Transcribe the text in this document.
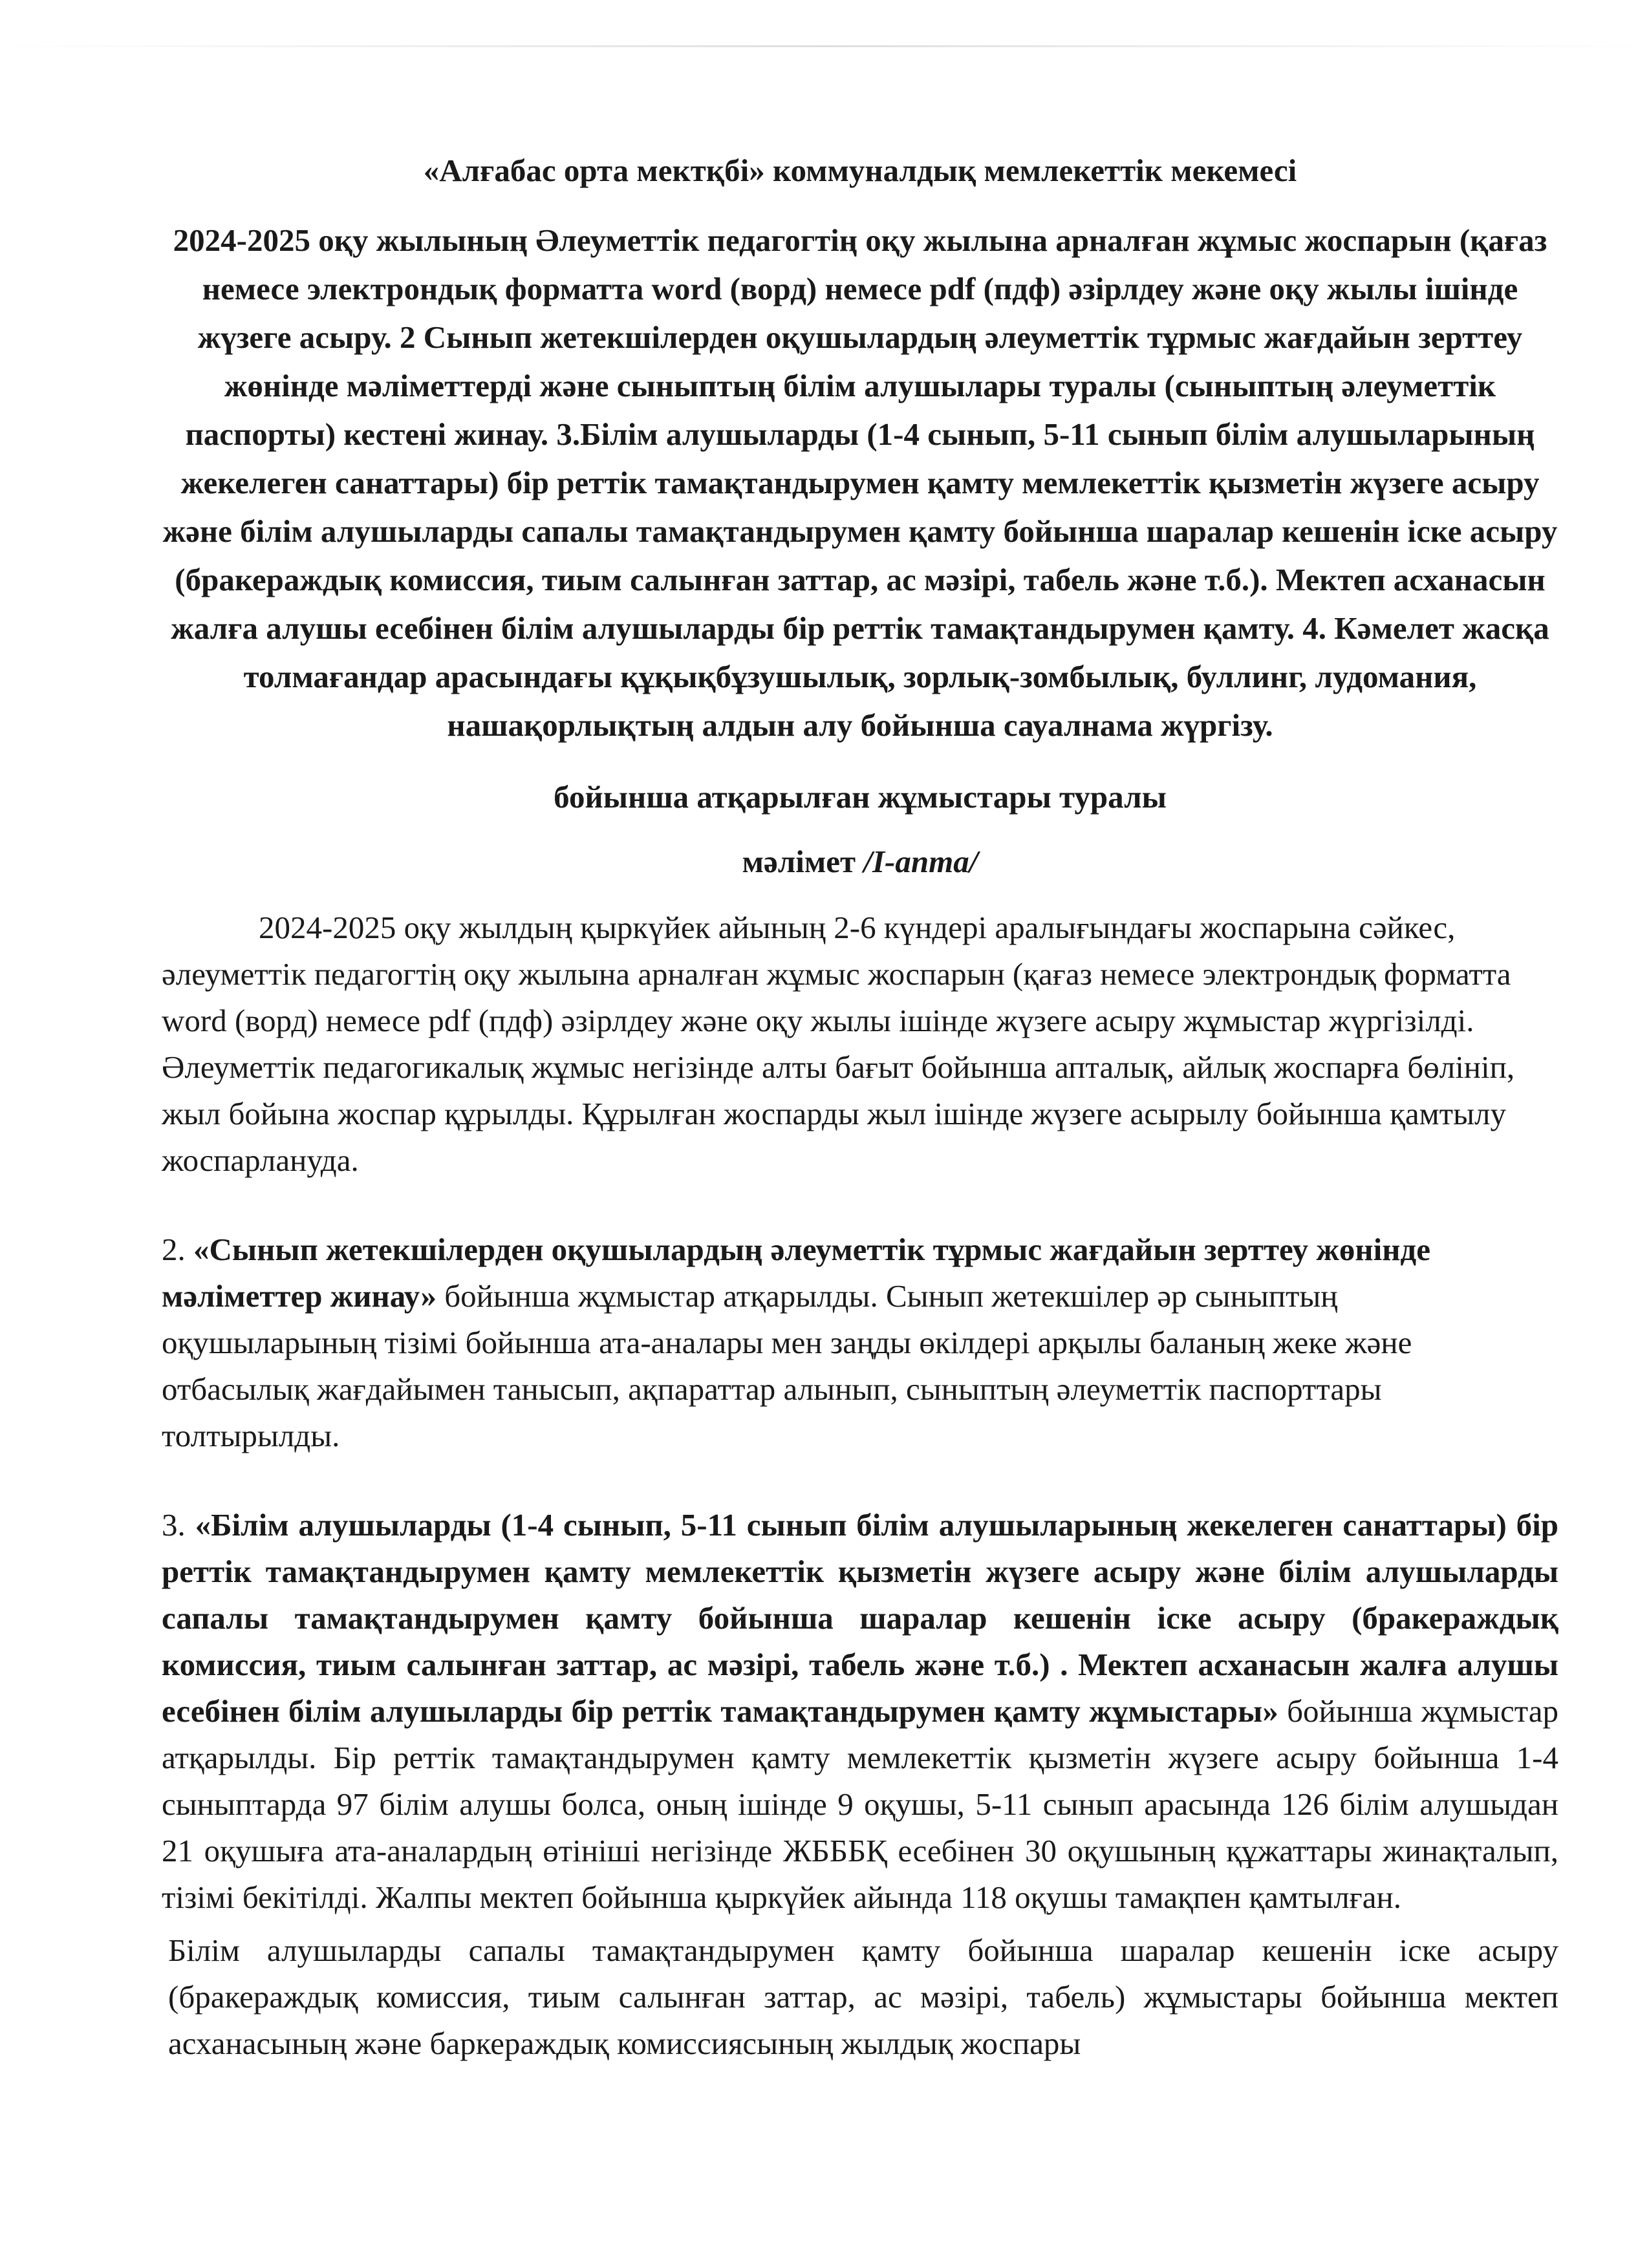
«Алғабас орта мектқбі» коммуналдық мемлекеттік мекемесі

2024-2025 оқу жылының Әлеуметтік педагогтің оқу жылына арналған жұмыс жоспарын (қағаз немесе электрондық форматта word (ворд) немесе pdf (пдф) әзірлдеу және оқу жылы ішінде жүзеге асыру. 2 Сынып жетекшілерден оқушылардың әлеуметтік тұрмыс жағдайын зерттеу жөнінде мәліметтерді және сыныптың білім алушылары туралы (сыныптың әлеуметтік паспорты) кестені жинау. 3.Білім алушыларды (1-4 сынып, 5-11 сынып білім алушыларының жекелеген санаттары) бір реттік тамақтандырумен қамту мемлекеттік қызметін жүзеге асыру және білім алушыларды сапалы тамақтандырумен қамту бойынша шаралар кешенін іске асыру (бракераждық комиссия, тиым салынған заттар, ас мәзірі, табель және т.б.). Мектеп асханасын жалға алушы есебінен білім алушыларды бір реттік тамақтандырумен қамту. 4. Кәмелет жасқа толмағандар арасындағы құқықбұзушылық, зорлық-зомбылық, буллинг, лудомания, нашақорлықтың алдын алу бойынша сауалнама жүргізу.

бойынша атқарылған жұмыстары туралы

мәлімет /I-апта/

2024-2025 оқу жылдың қыркүйек айының 2-6 күндері аралығындағы жоспарына сәйкес, әлеуметтік педагогтің оқу жылына арналған жұмыс жоспарын (қағаз немесе электрондық форматта word (ворд) немесе pdf (пдф) әзірлдеу және оқу жылы ішінде жүзеге асыру жұмыстар жүргізілді. Әлеуметтік педагогикалық жұмыс негізінде алты бағыт бойынша апталық, айлық жоспарға бөлініп, жыл бойына жоспар құрылды. Құрылған жоспарды жыл ішінде жүзеге асырылу бойынша қамтылу жоспарлануда.

2. «Сынып жетекшілерден оқушылардың әлеуметтік тұрмыс жағдайын зерттеу жөнінде мәліметтер жинау» бойынша жұмыстар атқарылды. Сынып жетекшілер әр сыныптың оқушыларының тізімі бойынша ата-аналары мен заңды өкілдері арқылы баланың жеке және отбасылық жағдайымен танысып, ақпараттар алынып, сыныптың әлеуметтік паспорттары толтырылды.

3. «Білім алушыларды (1-4 сынып, 5-11 сынып білім алушыларының жекелеген санаттары) бір реттік тамақтандырумен қамту мемлекеттік қызметін жүзеге асыру және білім алушыларды сапалы тамақтандырумен қамту бойынша шаралар кешенін іске асыру (бракераждық комиссия, тиым салынған заттар, ас мәзірі, табель және т.б.) . Мектеп асханасын жалға алушы есебінен білім алушыларды бір реттік тамақтандырумен қамту жұмыстары» бойынша жұмыстар атқарылды. Бір реттік тамақтандырумен қамту мемлекеттік қызметін жүзеге асыру бойынша 1-4 сыныптарда 97 білім алушы болса, оның ішінде 9 оқушы, 5-11 сынып арасында 126 білім алушыдан 21 оқушыға ата-аналардың өтініші негізінде ЖБББҚ есебінен 30 оқушының құжаттары жинақталып, тізімі бекітілді. Жалпы мектеп бойынша қыркүйек айында 118 оқушы тамақпен қамтылған.

Білім алушыларды сапалы тамақтандырумен қамту бойынша шаралар кешенін іске асыру (бракераждық комиссия, тиым салынған заттар, ас мәзірі, табель) жұмыстары бойынша мектеп асханасының және баркераждық комиссиясының жылдық жоспары
